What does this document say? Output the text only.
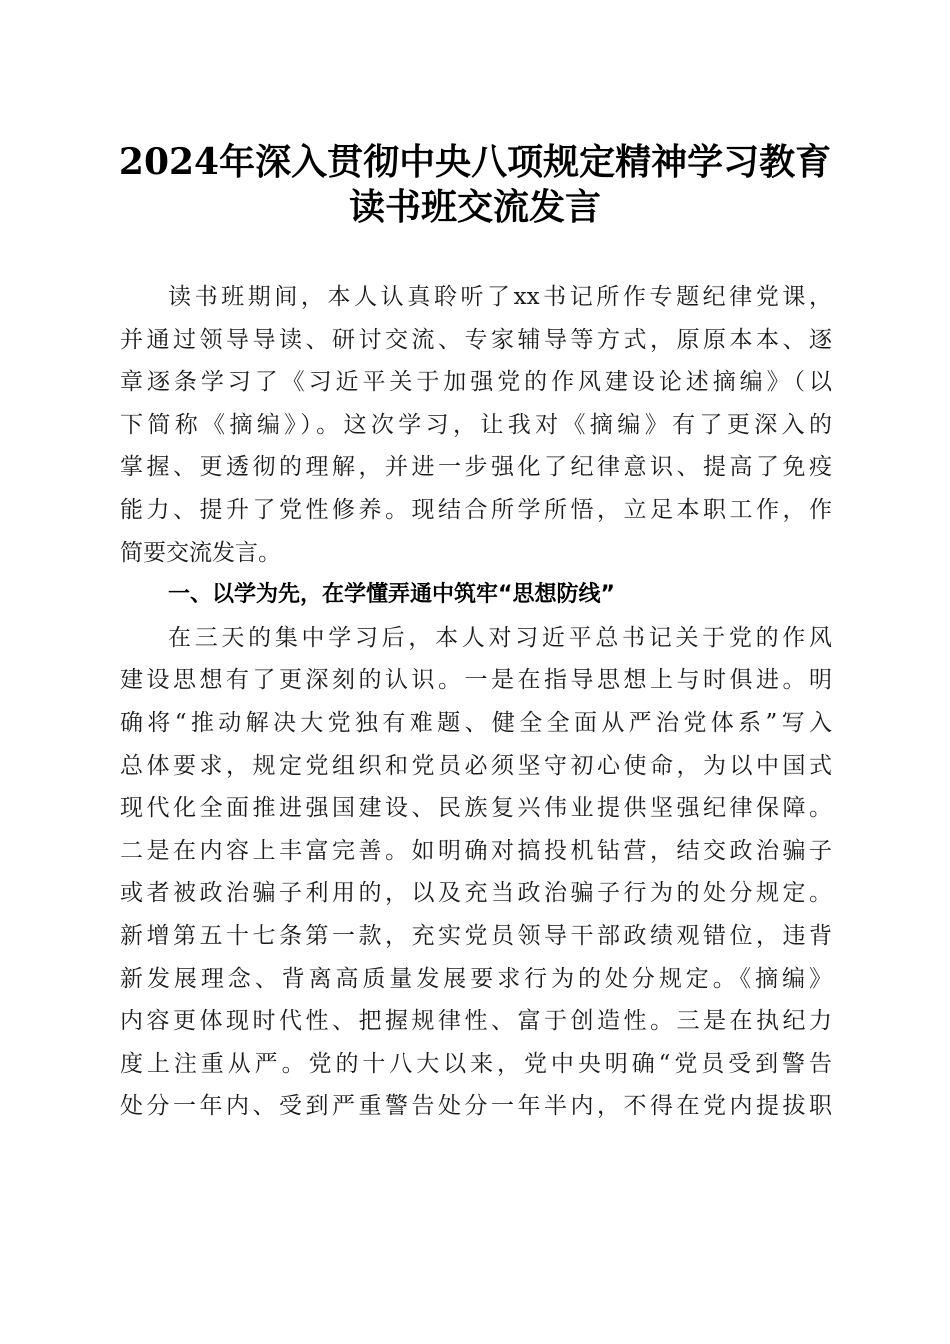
2024年深入贯彻中央八项规定精神学习教育
读书班交流发言
读书班期间，本人认真聆听了xx书记所作专题纪律党课，
并通过领导导读、研讨交流、专家辅导等方式，原原本本、逐
章逐条学习了《习近平关于加强党的作风建设论述摘编》（以
下简称《摘编》）。这次学习，让我对《摘编》有了更深入的
掌握、更透彻的理解，并进一步强化了纪律意识、提高了免疫
能力、提升了党性修养。现结合所学所悟，立足本职工作，作
简要交流发言。
一、以学为先，在学懂弄通中筑牢“思想防线”
在三天的集中学习后，本人对习近平总书记关于党的作风
建设思想有了更深刻的认识。一是在指导思想上与时俱进。明
确将“推动解决大党独有难题、健全全面从严治党体系”写入
总体要求，规定党组织和党员必须坚守初心使命，为以中国式
现代化全面推进强国建设、民族复兴伟业提供坚强纪律保障。
二是在内容上丰富完善。如明确对搞投机钻营，结交政治骗子
或者被政治骗子利用的，以及充当政治骗子行为的处分规定。
新增第五十七条第一款，充实党员领导干部政绩观错位，违背
新发展理念、背离高质量发展要求行为的处分规定。《摘编》
内容更体现时代性、把握规律性、富于创造性。三是在执纪力
度上注重从严。党的十八大以来，党中央明确“党员受到警告
处分一年内、受到严重警告处分一年半内，不得在党内提拔职
